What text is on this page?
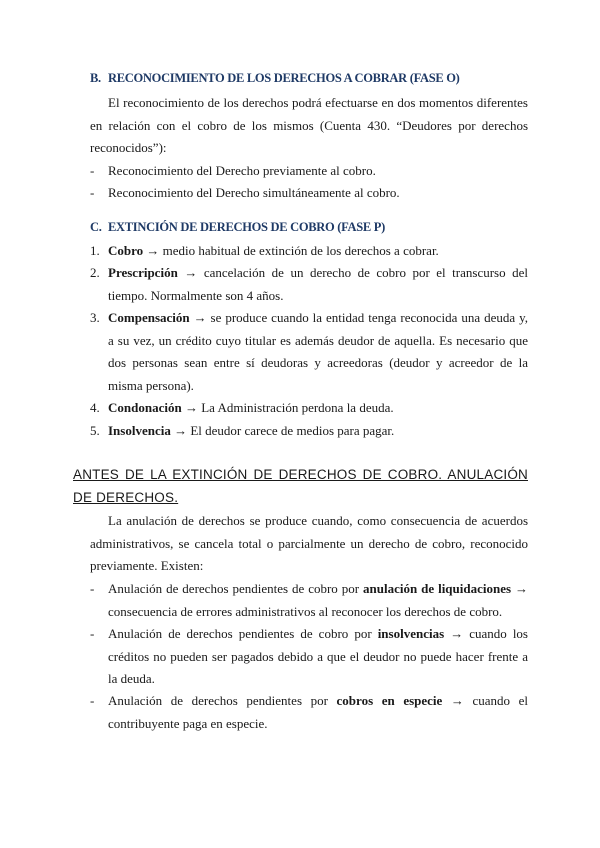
B. RECONOCIMIENTO DE LOS DERECHOS A COBRAR (FASE O)
El reconocimiento de los derechos podrá efectuarse en dos momentos diferentes en relación con el cobro de los mismos (Cuenta 430. “Deudores por derechos reconocidos”):
- Reconocimiento del Derecho previamente al cobro.
- Reconocimiento del Derecho simultáneamente al cobro.
C. EXTINCIÓN DE DERECHOS DE COBRO (FASE P)
1. Cobro → medio habitual de extinción de los derechos a cobrar.
2. Prescripción → cancelación de un derecho de cobro por el transcurso del tiempo. Normalmente son 4 años.
3. Compensación → se produce cuando la entidad tenga reconocida una deuda y, a su vez, un crédito cuyo titular es además deudor de aquella. Es necesario que dos personas sean entre sí deudoras y acreedoras (deudor y acreedor de la misma persona).
4. Condonación → La Administración perdona la deuda.
5. Insolvencia → El deudor carece de medios para pagar.
ANTES DE LA EXTINCIÓN DE DERECHOS DE COBRO. ANULACIÓN DE DERECHOS.
La anulación de derechos se produce cuando, como consecuencia de acuerdos administrativos, se cancela total o parcialmente un derecho de cobro, reconocido previamente. Existen:
- Anulación de derechos pendientes de cobro por anulación de liquidaciones → consecuencia de errores administrativos al reconocer los derechos de cobro.
- Anulación de derechos pendientes de cobro por insolvencias → cuando los créditos no pueden ser pagados debido a que el deudor no puede hacer frente a la deuda.
- Anulación de derechos pendientes por cobros en especie → cuando el contribuyente paga en especie.
